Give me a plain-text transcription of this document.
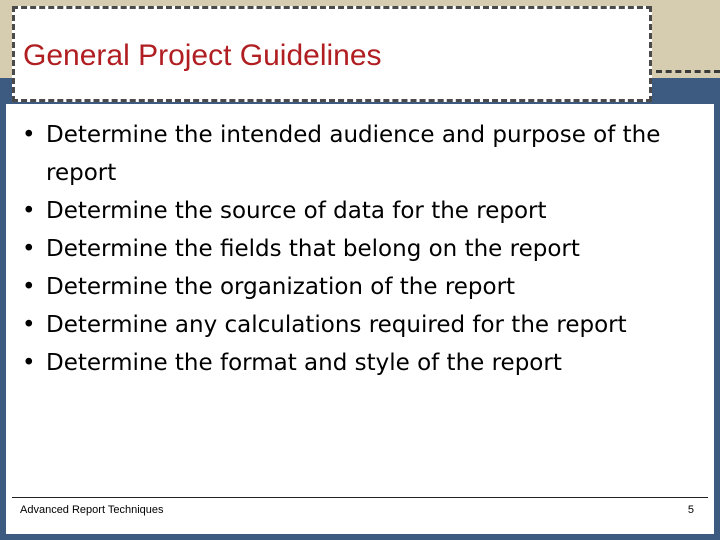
General Project Guidelines
• Determine the intended audience and purpose of the report
• Determine the source of data for the report
• Determine the fields that belong on the report
• Determine the organization of the report
• Determine any calculations required for the report
• Determine the format and style of the report
Advanced Report Techniques	5
